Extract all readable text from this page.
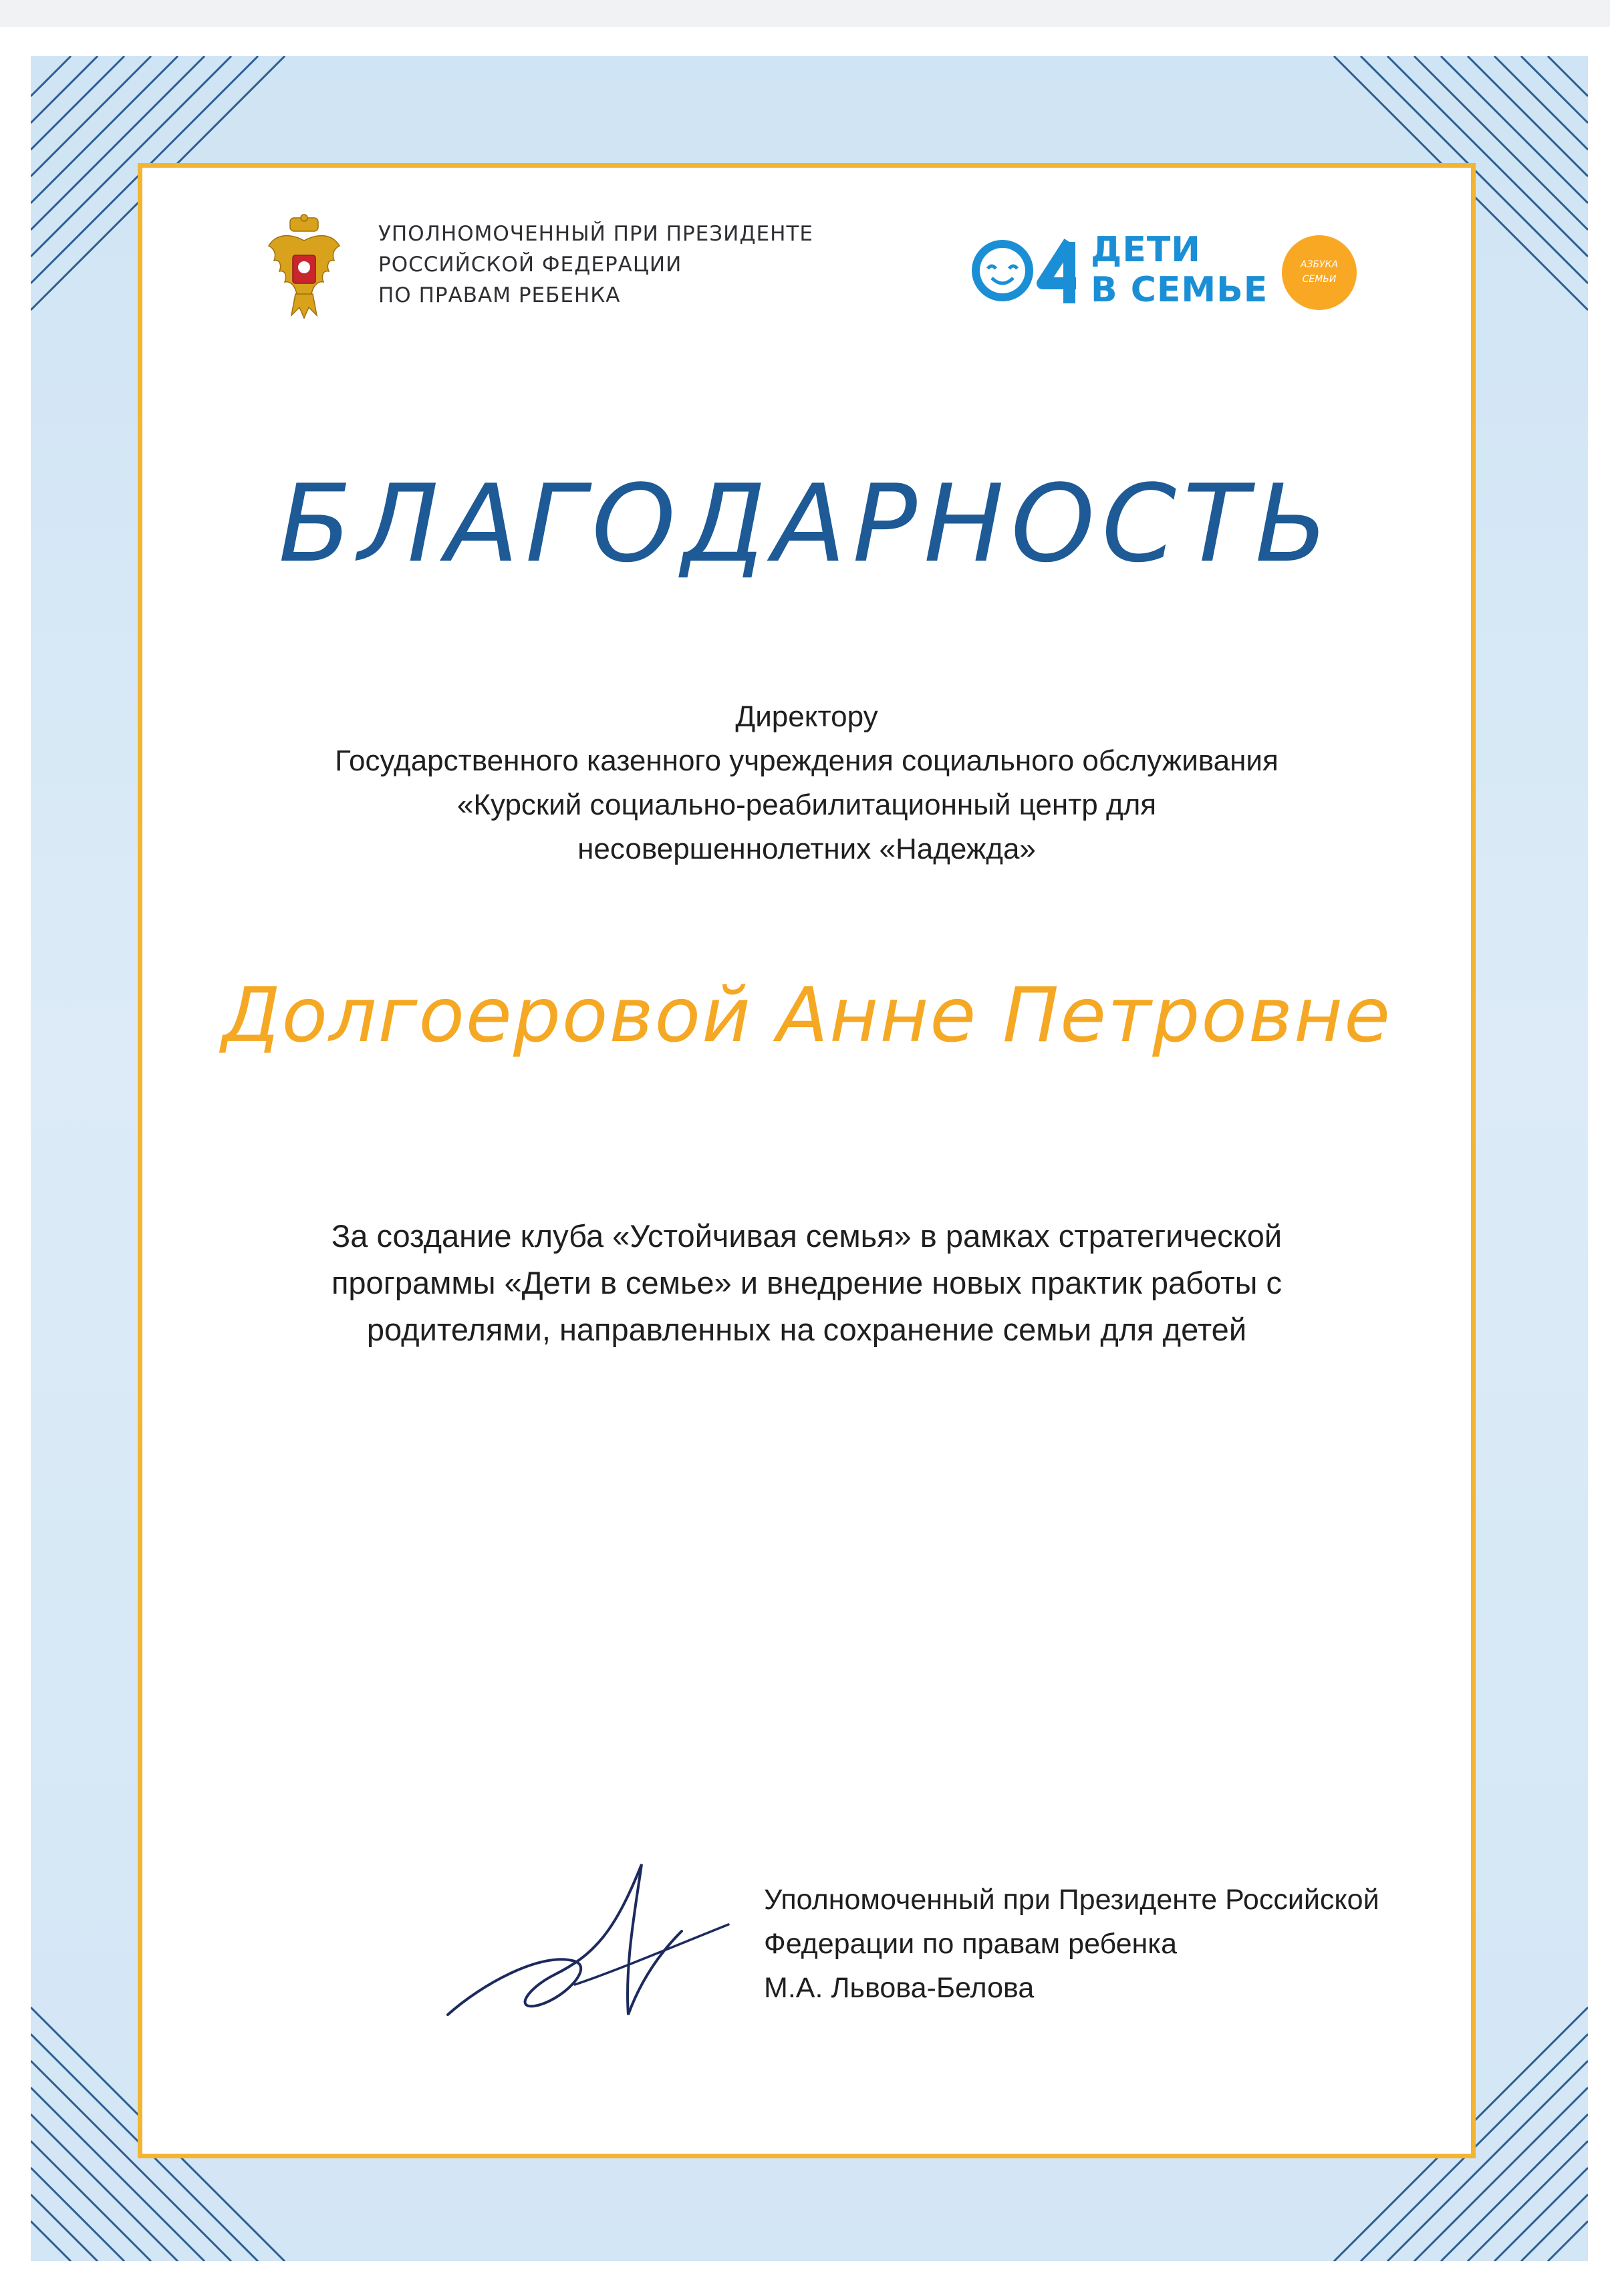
УПОЛНОМОЧЕННЫЙ ПРИ ПРЕЗИДЕНТЕ
РОССИЙСКОЙ ФЕДЕРАЦИИ
ПО ПРАВАМ РЕБЕНКА
ДЕТИ
В СЕМЬЕ
АЗБУКА
СЕМЬИ
БЛАГОДАРНОСТЬ
Директору
Государственного казенного учреждения социального обслуживания
«Курский социально-реабилитационный центр для
несовершеннолетних «Надежда»
Долгоеровой Анне Петровне
За создание клуба «Устойчивая семья» в рамках стратегической
программы «Дети в семье» и внедрение новых практик работы с
родителями, направленных на сохранение семьи для детей
Уполномоченный при Президенте Российской
Федерации по правам ребенка
М.А. Львова-Белова
